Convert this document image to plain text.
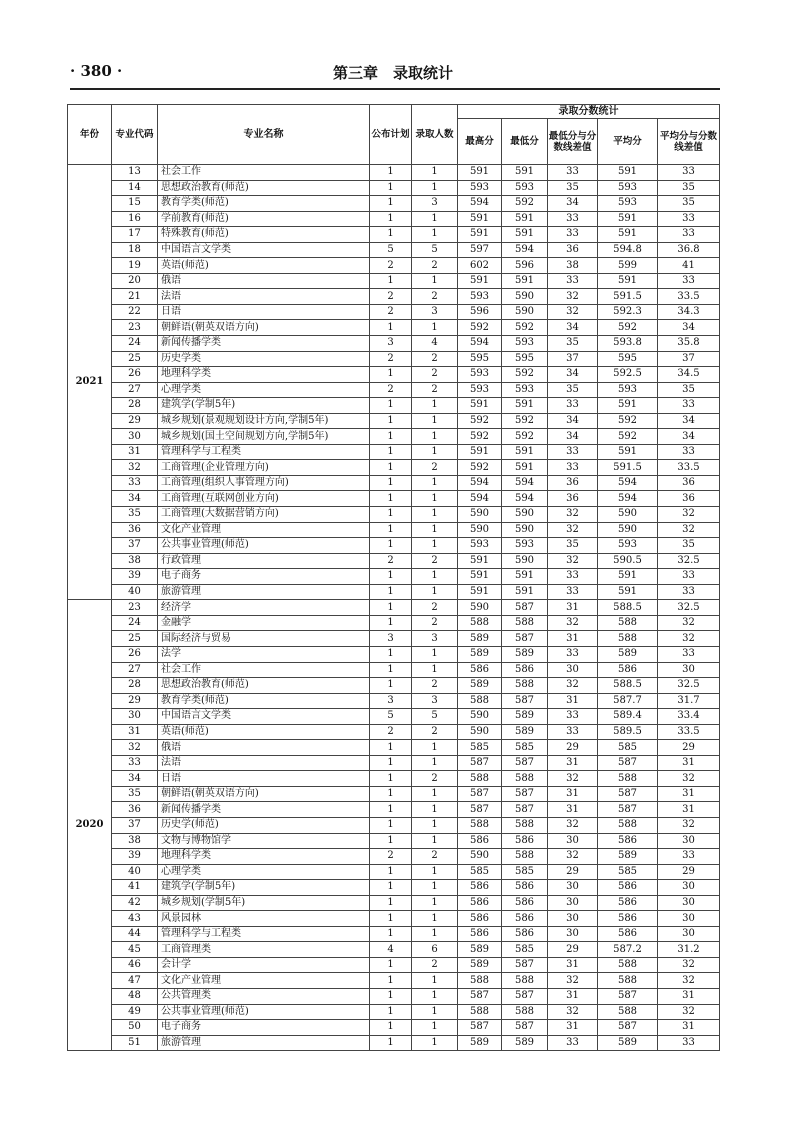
· 380 ·	第三章　录取统计
年份	专业代码	专业名称	公布计划	录取人数	录取分数统计				
					最高分	最低分	最低分与分数线差值	平均分	平均分与分数线差值
2021	13	社会工作	1	1	591	591	33	591	33
	14	思想政治教育(师范)	1	1	593	593	35	593	35
	15	教育学类(师范)	1	3	594	592	34	593	35
	16	学前教育(师范)	1	1	591	591	33	591	33
	17	特殊教育(师范)	1	1	591	591	33	591	33
	18	中国语言文学类	5	5	597	594	36	594.8	36.8
	19	英语(师范)	2	2	602	596	38	599	41
	20	俄语	1	1	591	591	33	591	33
	21	法语	2	2	593	590	32	591.5	33.5
	22	日语	2	3	596	590	32	592.3	34.3
	23	朝鲜语(朝英双语方向)	1	1	592	592	34	592	34
	24	新闻传播学类	3	4	594	593	35	593.8	35.8
	25	历史学类	2	2	595	595	37	595	37
	26	地理科学类	1	2	593	592	34	592.5	34.5
	27	心理学类	2	2	593	593	35	593	35
	28	建筑学(学制5年)	1	1	591	591	33	591	33
	29	城乡规划(景观规划设计方向,学制5年)	1	1	592	592	34	592	34
	30	城乡规划(国土空间规划方向,学制5年)	1	1	592	592	34	592	34
	31	管理科学与工程类	1	1	591	591	33	591	33
	32	工商管理(企业管理方向)	1	2	592	591	33	591.5	33.5
	33	工商管理(组织人事管理方向)	1	1	594	594	36	594	36
	34	工商管理(互联网创业方向)	1	1	594	594	36	594	36
	35	工商管理(大数据营销方向)	1	1	590	590	32	590	32
	36	文化产业管理	1	1	590	590	32	590	32
	37	公共事业管理(师范)	1	1	593	593	35	593	35
	38	行政管理	2	2	591	590	32	590.5	32.5
	39	电子商务	1	1	591	591	33	591	33
	40	旅游管理	1	1	591	591	33	591	33
2020	23	经济学	1	2	590	587	31	588.5	32.5
	24	金融学	1	2	588	588	32	588	32
	25	国际经济与贸易	3	3	589	587	31	588	32
	26	法学	1	1	589	589	33	589	33
	27	社会工作	1	1	586	586	30	586	30
	28	思想政治教育(师范)	1	2	589	588	32	588.5	32.5
	29	教育学类(师范)	3	3	588	587	31	587.7	31.7
	30	中国语言文学类	5	5	590	589	33	589.4	33.4
	31	英语(师范)	2	2	590	589	33	589.5	33.5
	32	俄语	1	1	585	585	29	585	29
	33	法语	1	1	587	587	31	587	31
	34	日语	1	2	588	588	32	588	32
	35	朝鲜语(朝英双语方向)	1	1	587	587	31	587	31
	36	新闻传播学类	1	1	587	587	31	587	31
	37	历史学(师范)	1	1	588	588	32	588	32
	38	文物与博物馆学	1	1	586	586	30	586	30
	39	地理科学类	2	2	590	588	32	589	33
	40	心理学类	1	1	585	585	29	585	29
	41	建筑学(学制5年)	1	1	586	586	30	586	30
	42	城乡规划(学制5年)	1	1	586	586	30	586	30
	43	风景园林	1	1	586	586	30	586	30
	44	管理科学与工程类	1	1	586	586	30	586	30
	45	工商管理类	4	6	589	585	29	587.2	31.2
	46	会计学	1	2	589	587	31	588	32
	47	文化产业管理	1	1	588	588	32	588	32
	48	公共管理类	1	1	587	587	31	587	31
	49	公共事业管理(师范)	1	1	588	588	32	588	32
	50	电子商务	1	1	587	587	31	587	31
	51	旅游管理	1	1	589	589	33	589	33
